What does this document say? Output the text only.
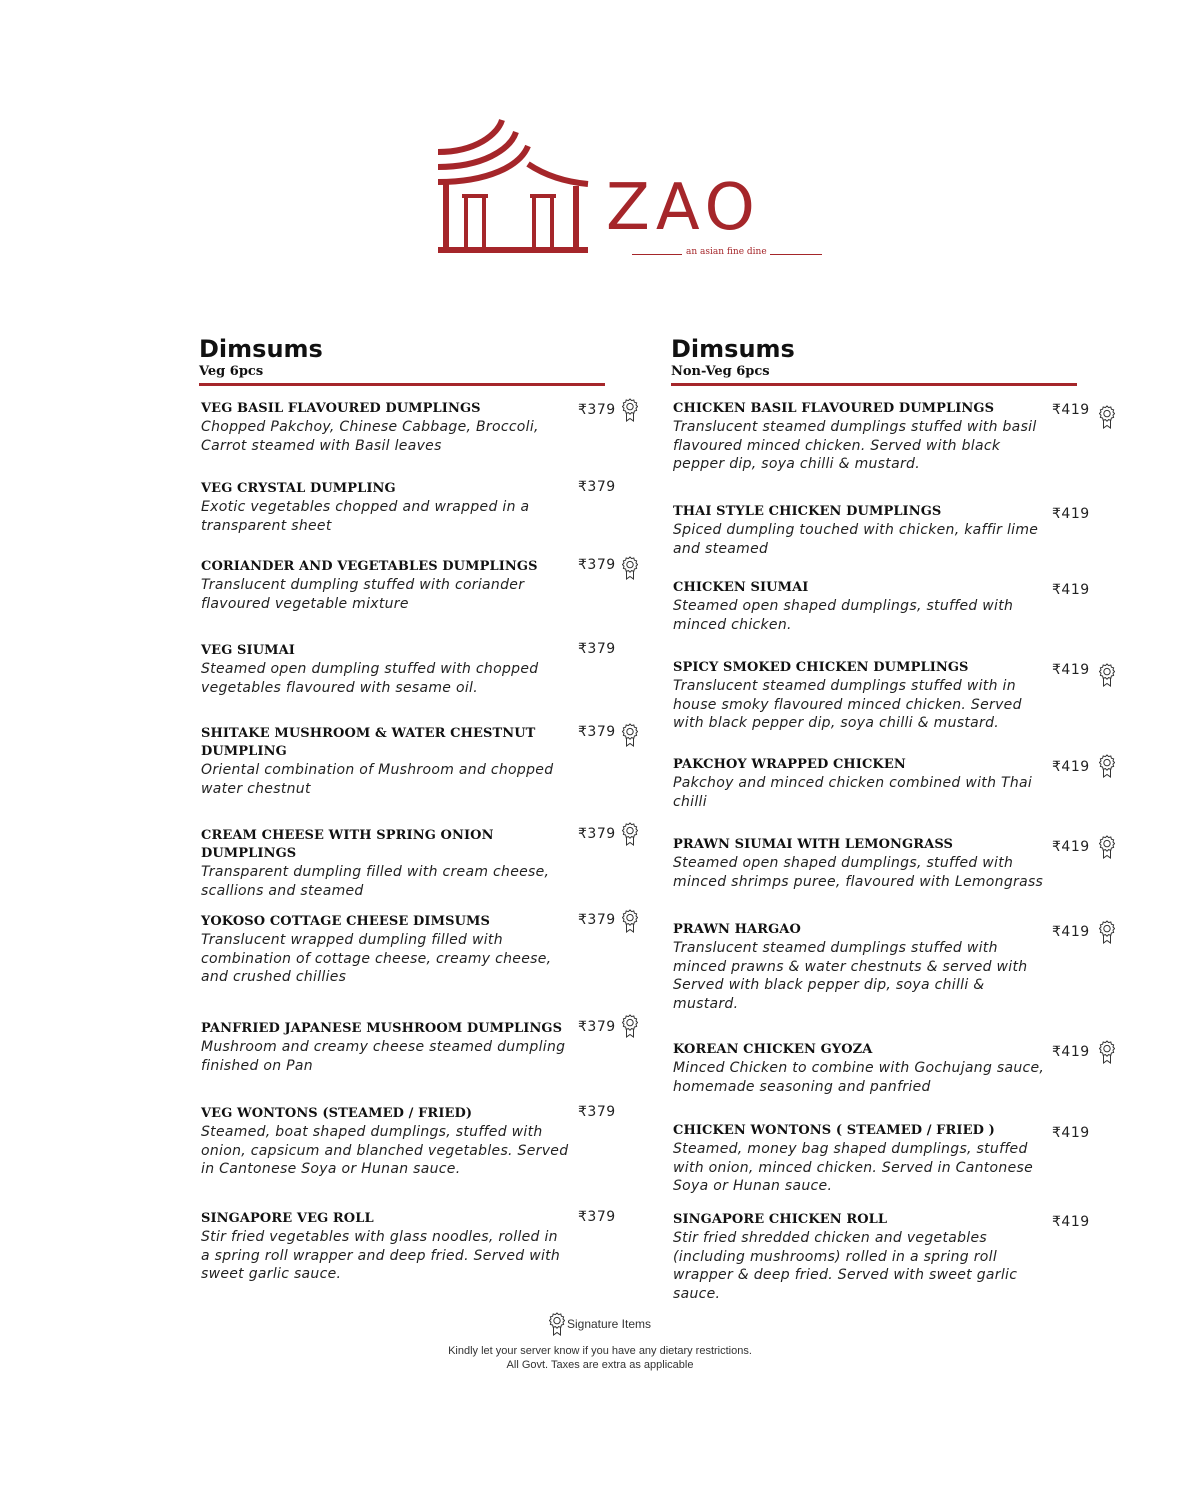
ZAO
an asian fine dine
Dimsums
Veg 6pcs
VEG BASIL FLAVOURED DUMPLINGS
Chopped Pakchoy, Chinese Cabbage, Broccoli, Carrot steamed with Basil leaves
₹379
VEG CRYSTAL DUMPLING
Exotic vegetables chopped and wrapped in a transparent sheet
₹379
CORIANDER AND VEGETABLES DUMPLINGS
Translucent dumpling stuffed with coriander flavoured vegetable mixture
₹379
VEG SIUMAI
Steamed open dumpling stuffed with chopped vegetables flavoured with sesame oil.
₹379
SHITAKE MUSHROOM & WATER CHESTNUT DUMPLING
Oriental combination of Mushroom and chopped water chestnut
₹379
CREAM CHEESE WITH SPRING ONION DUMPLINGS
Transparent dumpling filled with cream cheese, scallions and steamed
₹379
YOKOSO COTTAGE CHEESE DIMSUMS
Translucent wrapped dumpling filled with combination of cottage cheese, creamy cheese, and crushed chillies
₹379
PANFRIED JAPANESE MUSHROOM DUMPLINGS
Mushroom and creamy cheese steamed dumpling finished on Pan
₹379
VEG WONTONS (STEAMED / FRIED)
Steamed, boat shaped dumplings, stuffed with onion, capsicum and blanched vegetables. Served in Cantonese Soya or Hunan sauce.
₹379
SINGAPORE VEG ROLL
Stir fried vegetables with glass noodles, rolled in a spring roll wrapper and deep fried. Served with sweet garlic sauce.
₹379
Dimsums
Non-Veg 6pcs
CHICKEN BASIL FLAVOURED DUMPLINGS
Translucent steamed dumplings stuffed with basil flavoured minced chicken. Served with black pepper dip, soya chilli & mustard.
₹419
THAI STYLE CHICKEN DUMPLINGS
Spiced dumpling touched with chicken, kaffir lime and steamed
₹419
CHICKEN SIUMAI
Steamed open shaped dumplings, stuffed with minced chicken.
₹419
SPICY SMOKED CHICKEN DUMPLINGS
Translucent steamed dumplings stuffed with in house smoky flavoured minced chicken. Served with black pepper dip, soya chilli & mustard.
₹419
PAKCHOY WRAPPED CHICKEN
Pakchoy and minced chicken combined with Thai chilli
₹419
PRAWN SIUMAI WITH LEMONGRASS
Steamed open shaped dumplings, stuffed with minced shrimps puree, flavoured with Lemongrass
₹419
PRAWN HARGAO
Translucent steamed dumplings stuffed with minced prawns & water chestnuts & served with Served with black pepper dip, soya chilli & mustard.
₹419
KOREAN CHICKEN GYOZA
Minced Chicken to combine with Gochujang sauce, homemade seasoning and panfried
₹419
CHICKEN WONTONS ( STEAMED / FRIED )
Steamed, money bag shaped dumplings, stuffed with onion, minced chicken. Served in Cantonese Soya or Hunan sauce.
₹419
SINGAPORE CHICKEN ROLL
Stir fried shredded chicken and vegetables (including mushrooms) rolled in a spring roll wrapper & deep fried. Served with sweet garlic sauce.
₹419
Signature Items
Kindly let your server know if you have any dietary restrictions.
All Govt. Taxes are extra as applicable
